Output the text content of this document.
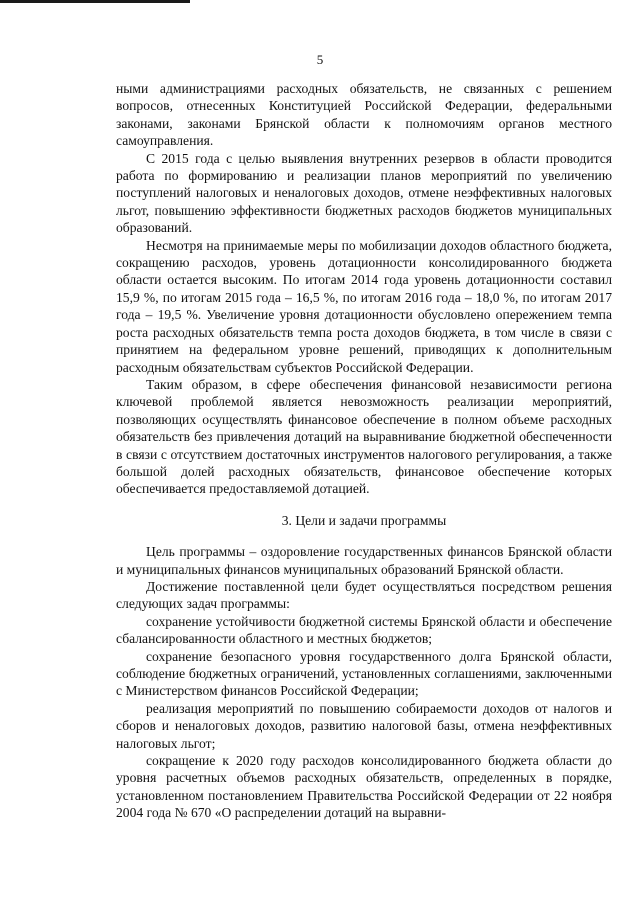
5

ными администрациями расходных обязательств, не связанных с решением вопросов, отнесенных Конституцией Российской Федерации, федеральными законами, законами Брянской области к полномочиям органов местного самоуправления.

С 2015 года с целью выявления внутренних резервов в области проводится работа по формированию и реализации планов мероприятий по увеличению поступлений налоговых и неналоговых доходов, отмене неэффективных налоговых льгот, повышению эффективности бюджетных расходов бюджетов муниципальных образований.

Несмотря на принимаемые меры по мобилизации доходов областного бюджета, сокращению расходов, уровень дотационности консолидированного бюджета области остается высоким. По итогам 2014 года уровень дотационности составил 15,9 %, по итогам 2015 года – 16,5 %, по итогам 2016 года – 18,0 %, по итогам 2017 года – 19,5 %. Увеличение уровня дотационности обусловлено опережением темпа роста расходных обязательств темпа роста доходов бюджета, в том числе в связи с принятием на федеральном уровне решений, приводящих к дополнительным расходным обязательствам субъектов Российской Федерации.

Таким образом, в сфере обеспечения финансовой независимости региона ключевой проблемой является невозможность реализации мероприятий, позволяющих осуществлять финансовое обеспечение в полном объеме расходных обязательств без привлечения дотаций на выравнивание бюджетной обеспеченности в связи с отсутствием достаточных инструментов налогового регулирования, а также большой долей расходных обязательств, финансовое обеспечение которых обеспечивается предоставляемой дотацией.

3. Цели и задачи программы

Цель программы – оздоровление государственных финансов Брянской области и муниципальных финансов муниципальных образований Брянской области.

Достижение поставленной цели будет осуществляться посредством решения следующих задач программы:

сохранение устойчивости бюджетной системы Брянской области и обеспечение сбалансированности областного и местных бюджетов;

сохранение безопасного уровня государственного долга Брянской области, соблюдение бюджетных ограничений, установленных соглашениями, заключенными с Министерством финансов Российской Федерации;

реализация мероприятий по повышению собираемости доходов от налогов и сборов и неналоговых доходов, развитию налоговой базы, отмена неэффективных налоговых льгот;

сокращение к 2020 году расходов консолидированного бюджета области до уровня расчетных объемов расходных обязательств, определенных в порядке, установленном постановлением Правительства Российской Федерации от 22 ноября 2004 года № 670 «О распределении дотаций на выравни-
